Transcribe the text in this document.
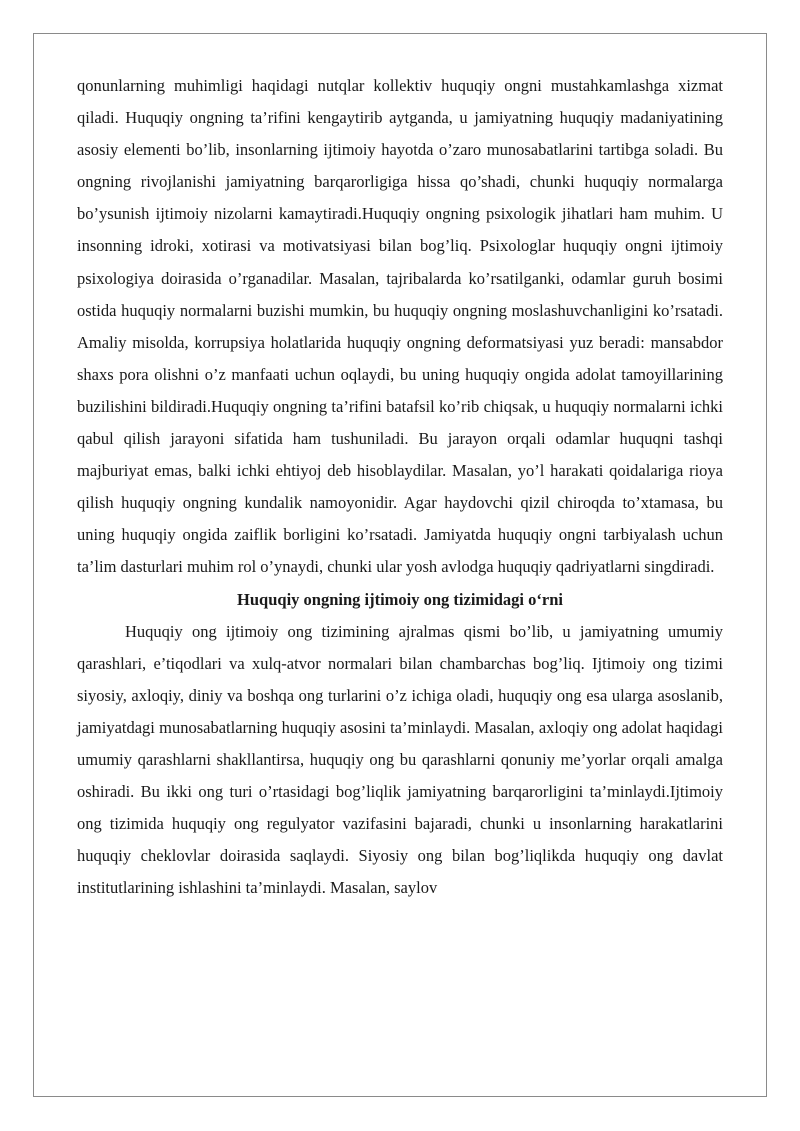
qonunlarning muhimligi haqidagi nutqlar kollektiv huquqiy ongni mustahkamlashga xizmat qiladi. Huquqiy ongning ta’rifini kengaytirib aytganda, u jamiyatning huquqiy madaniyatining asosiy elementi bo’lib, insonlarning ijtimoiy hayotda o’zaro munosabatlarini tartibga soladi. Bu ongning rivojlanishi jamiyatning barqarorligiga hissa qo’shadi, chunki huquqiy normalarga bo’ysunish ijtimoiy nizolarni kamaytiradi.Huquqiy ongning psixologik jihatlari ham muhim. U insonning idroki, xotirasi va motivatsiyasi bilan bog’liq. Psixologlar huquqiy ongni ijtimoiy psixologiya doirasida o’rganadilar. Masalan, tajribalarda ko’rsatilganki, odamlar guruh bosimi ostida huquqiy normalarni buzishi mumkin, bu huquqiy ongning moslashuvchanligini ko’rsatadi. Amaliy misolda, korrupsiya holatlarida huquqiy ongning deformatsiyasi yuz beradi: mansabdor shaxs pora olishni o’z manfaati uchun oqlaydi, bu uning huquqiy ongida adolat tamoyillarining buzilishini bildiradi.Huquqiy ongning ta’rifini batafsil ko’rib chiqsak, u huquqiy normalarni ichki qabul qilish jarayoni sifatida ham tushuniladi. Bu jarayon orqali odamlar huquqni tashqi majburiyat emas, balki ichki ehtiyoj deb hisoblaydilar. Masalan, yo’l harakati qoidalariga rioya qilish huquqiy ongning kundalik namoyonidir. Agar haydovchi qizil chiroqda to’xtamasa, bu uning huquqiy ongida zaiflik borligini ko’rsatadi. Jamiyatda huquqiy ongni tarbiyalash uchun ta’lim dasturlari muhim rol o’ynaydi, chunki ular yosh avlodga huquqiy qadriyatlarni singdiradi.

Huquqiy ongning ijtimoiy ong tizimidagi o‘rni

Huquqiy ong ijtimoiy ong tizimining ajralmas qismi bo’lib, u jamiyatning umumiy qarashlari, e’tiqodlari va xulq-atvor normalari bilan chambarchas bog’liq. Ijtimoiy ong tizimi siyosiy, axloqiy, diniy va boshqa ong turlarini o’z ichiga oladi, huquqiy ong esa ularga asoslanib, jamiyatdagi munosabatlarning huquqiy asosini ta’minlaydi. Masalan, axloqiy ong adolat haqidagi umumiy qarashlarni shakllantirsa, huquqiy ong bu qarashlarni qonuniy me’yorlar orqali amalga oshiradi. Bu ikki ong turi o’rtasidagi bog’liqlik jamiyatning barqarorligini ta’minlaydi.Ijtimoiy ong tizimida huquqiy ong regulyator vazifasini bajaradi, chunki u insonlarning harakatlarini huquqiy cheklovlar doirasida saqlaydi. Siyosiy ong bilan bog’liqlikda huquqiy ong davlat institutlarining ishlashini ta’minlaydi. Masalan, saylov
